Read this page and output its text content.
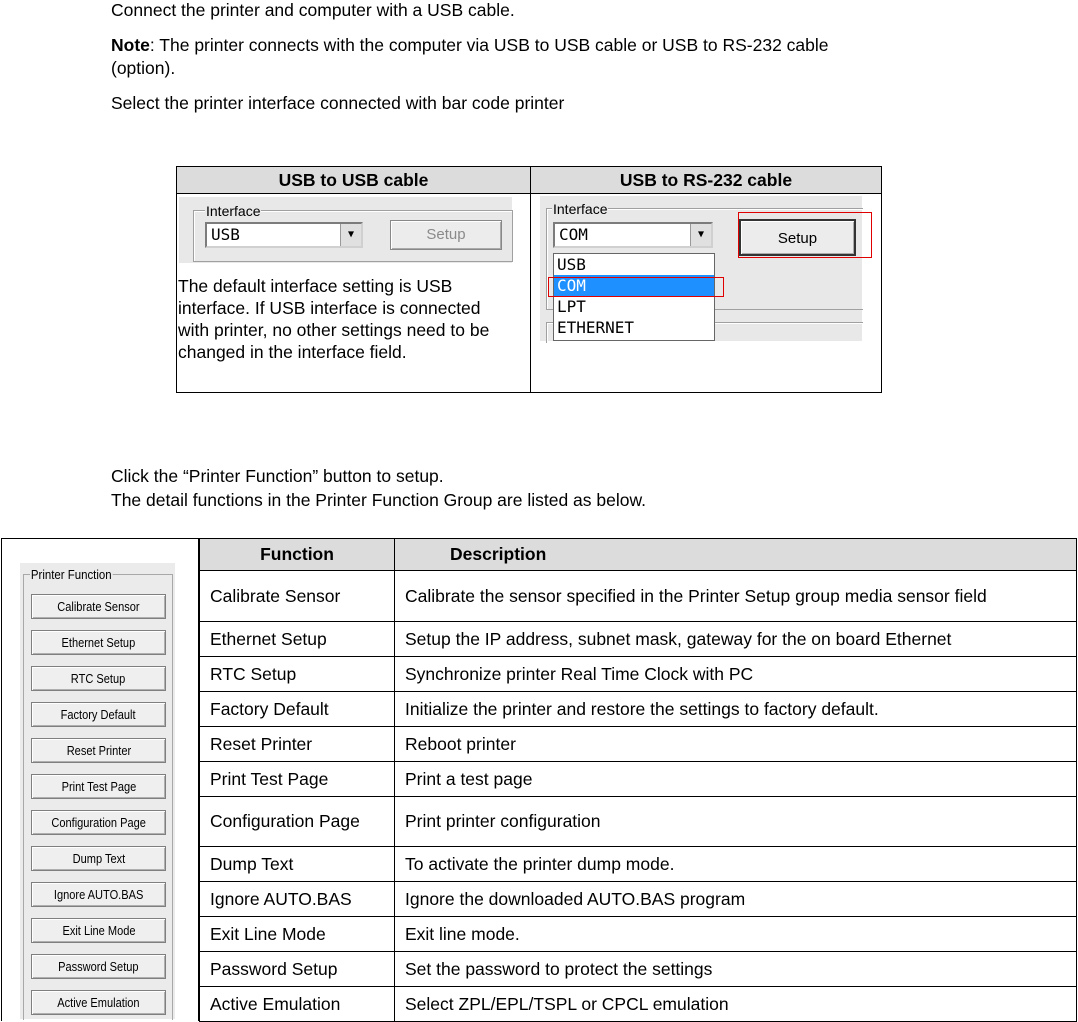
Connect the printer and computer with a USB cable.
Note: The printer connects with the computer via USB to USB cable or USB to RS-232 cable
(option).
Select the printer interface connected with bar code printer
USB to USB cable	USB to RS-232 cable
The default interface setting is USB interface. If USB interface is connected with printer, no other settings need to be changed in the interface field.
Interface
USB	▼	Setup
Interface
COM	▼	Setup
USB
COM
LPT
ETHERNET
Click the “Printer Function” button to setup.
The detail functions in the Printer Function Group are listed as below.
Printer Function
Calibrate Sensor
Ethernet Setup
RTC Setup
Factory Default
Reset Printer
Print Test Page
Configuration Page
Dump Text
Ignore AUTO.BAS
Exit Line Mode
Password Setup
Active Emulation
Function	Description
Calibrate Sensor	Calibrate the sensor specified in the Printer Setup group media sensor field
Ethernet Setup	Setup the IP address, subnet mask, gateway for the on board Ethernet
RTC Setup	Synchronize printer Real Time Clock with PC
Factory Default	Initialize the printer and restore the settings to factory default.
Reset Printer	Reboot printer
Print Test Page	Print a test page
Configuration Page	Print printer configuration
Dump Text	To activate the printer dump mode.
Ignore AUTO.BAS	Ignore the downloaded AUTO.BAS program
Exit Line Mode	Exit line mode.
Password Setup	Set the password to protect the settings
Active Emulation	Select ZPL/EPL/TSPL or CPCL emulation
